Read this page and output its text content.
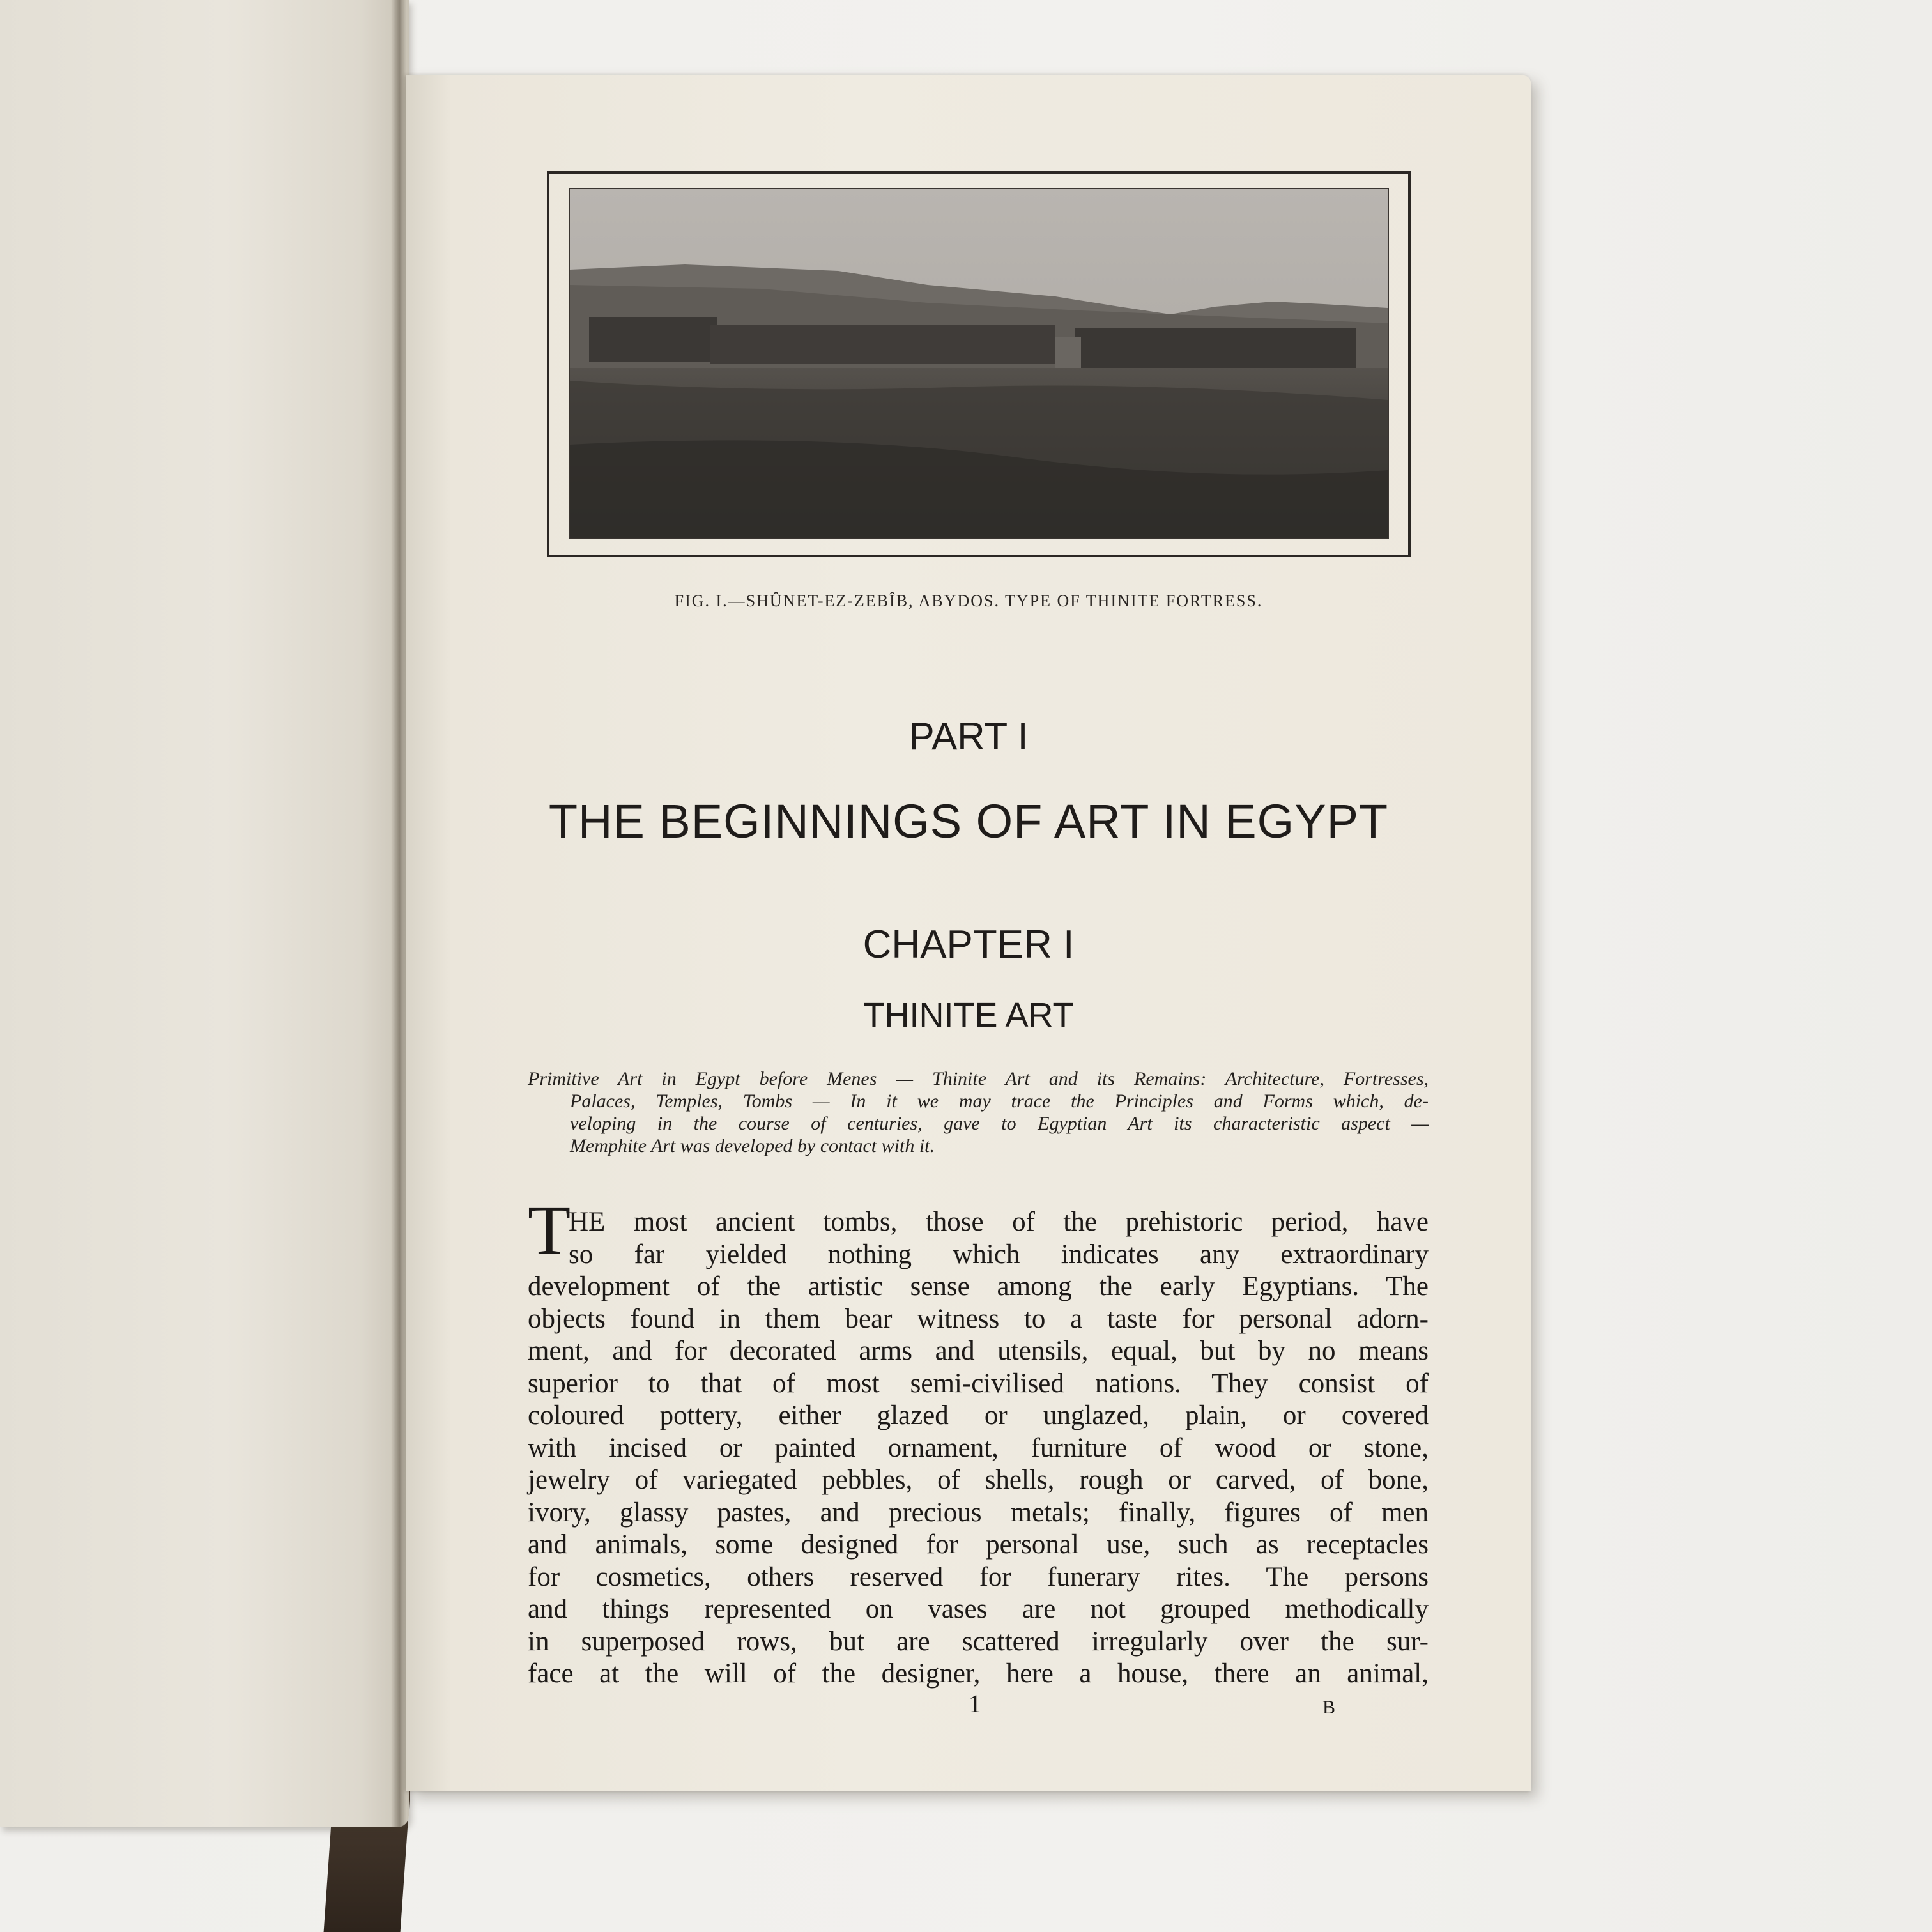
FIG. I.—SHÛNET-EZ-ZEBÎB, ABYDOS. TYPE OF THINITE FORTRESS.
PART I
THE BEGINNINGS OF ART IN EGYPT
CHAPTER I
THINITE ART
Primitive Art in Egypt before Menes — Thinite Art and its Remains: Architecture, Fortresses,
Palaces, Temples, Tombs — In it we may trace the Principles and Forms which, de-
veloping in the course of centuries, gave to Egyptian Art its characteristic aspect —
Memphite Art was developed by contact with it.
T
HE most ancient tombs, those of the prehistoric period, have
so far yielded nothing which indicates any extraordinary
development of the artistic sense among the early Egyptians. The
objects found in them bear witness to a taste for personal adorn-
ment, and for decorated arms and utensils, equal, but by no means
superior to that of most semi-civilised nations. They consist of
coloured pottery, either glazed or unglazed, plain, or covered
with incised or painted ornament, furniture of wood or stone,
jewelry of variegated pebbles, of shells, rough or carved, of bone,
ivory, glassy pastes, and precious metals; finally, figures of men
and animals, some designed for personal use, such as receptacles
for cosmetics, others reserved for funerary rites. The persons
and things represented on vases are not grouped methodically
in superposed rows, but are scattered irregularly over the sur-
face at the will of the designer, here a house, there an animal,
1	B
